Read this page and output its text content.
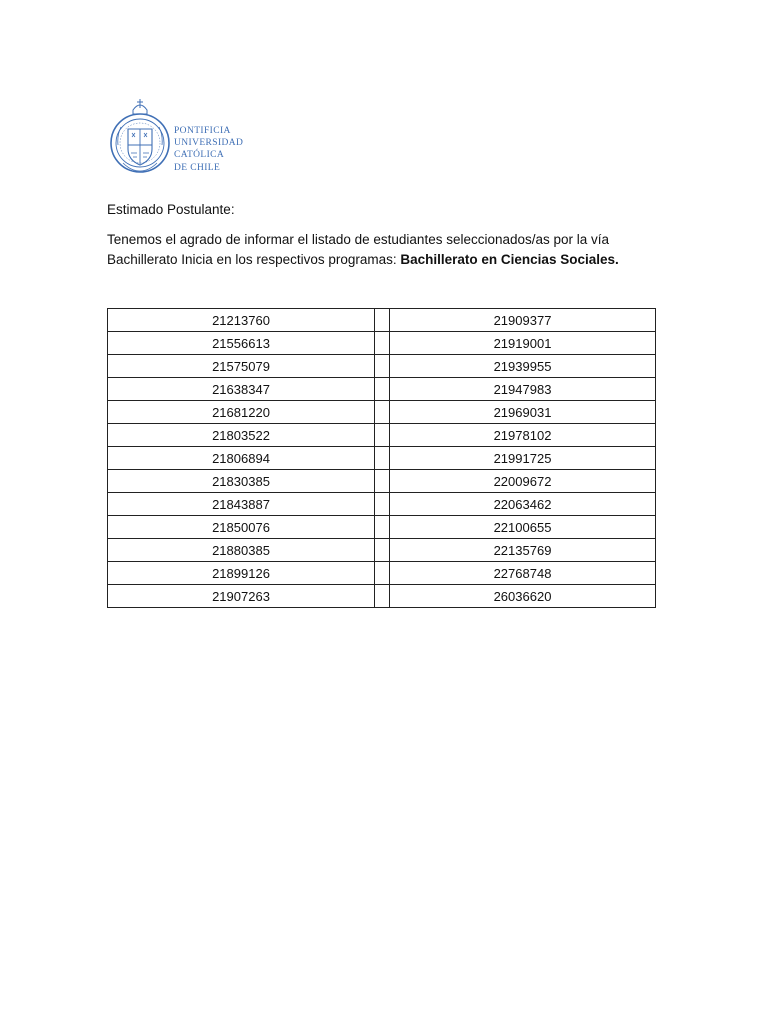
PONTIFICIA
UNIVERSIDAD
CATÓLICA
DE CHILE
Estimado Postulante:
Tenemos el agrado de informar el listado de estudiantes seleccionados/as por la vía Bachillerato Inicia en los respectivos programas: Bachillerato en Ciencias Sociales.
21213760		21909377
21556613		21919001
21575079		21939955
21638347		21947983
21681220		21969031
21803522		21978102
21806894		21991725
21830385		22009672
21843887		22063462
21850076		22100655
21880385		22135769
21899126		22768748
21907263		26036620
